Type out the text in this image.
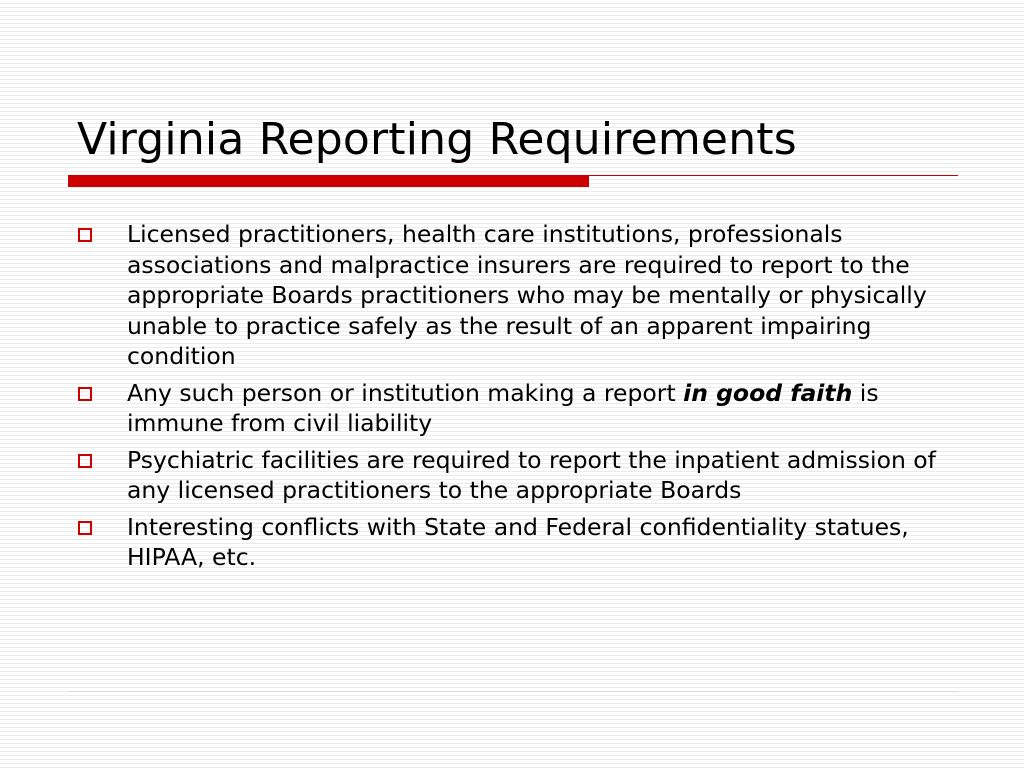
Virginia Reporting Requirements
Licensed practitioners, health care institutions, professionals associations and malpractice insurers are required to report to the appropriate Boards practitioners who may be mentally or physically unable to practice safely as the result of an apparent impairing condition
Any such person or institution making a report in good faith is immune from civil liability
Psychiatric facilities are required to report the inpatient admission of any licensed practitioners to the appropriate Boards
Interesting conflicts with State and Federal confidentiality statues, HIPAA, etc.
